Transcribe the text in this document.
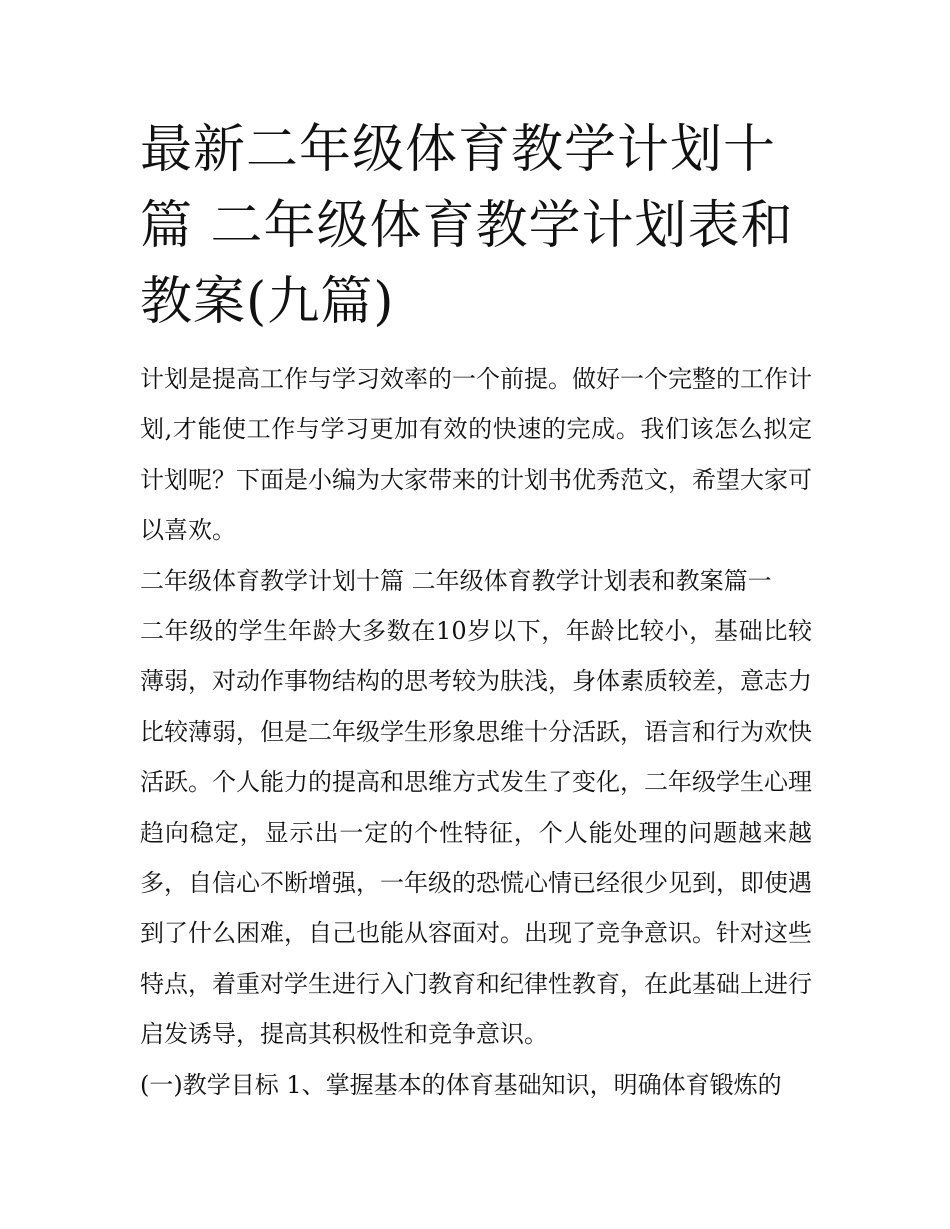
最新二年级体育教学计划十篇 二年级体育教学计划表和教案(九篇)

计划是提高工作与学习效率的一个前提。做好一个完整的工作计划,才能使工作与学习更加有效的快速的完成。我们该怎么拟定计划呢？下面是小编为大家带来的计划书优秀范文，希望大家可以喜欢。

二年级体育教学计划十篇 二年级体育教学计划表和教案篇一

二年级的学生年龄大多数在10岁以下，年龄比较小，基础比较薄弱，对动作事物结构的思考较为肤浅，身体素质较差，意志力比较薄弱，但是二年级学生形象思维十分活跃，语言和行为欢快活跃。个人能力的提高和思维方式发生了变化，二年级学生心理趋向稳定，显示出一定的个性特征，个人能处理的问题越来越多，自信心不断增强，一年级的恐慌心情已经很少见到，即使遇到了什么困难，自己也能从容面对。出现了竞争意识。针对这些特点，着重对学生进行入门教育和纪律性教育，在此基础上进行启发诱导，提高其积极性和竞争意识。

(一)教学目标 1、掌握基本的体育基础知识，明确体育锻炼的
